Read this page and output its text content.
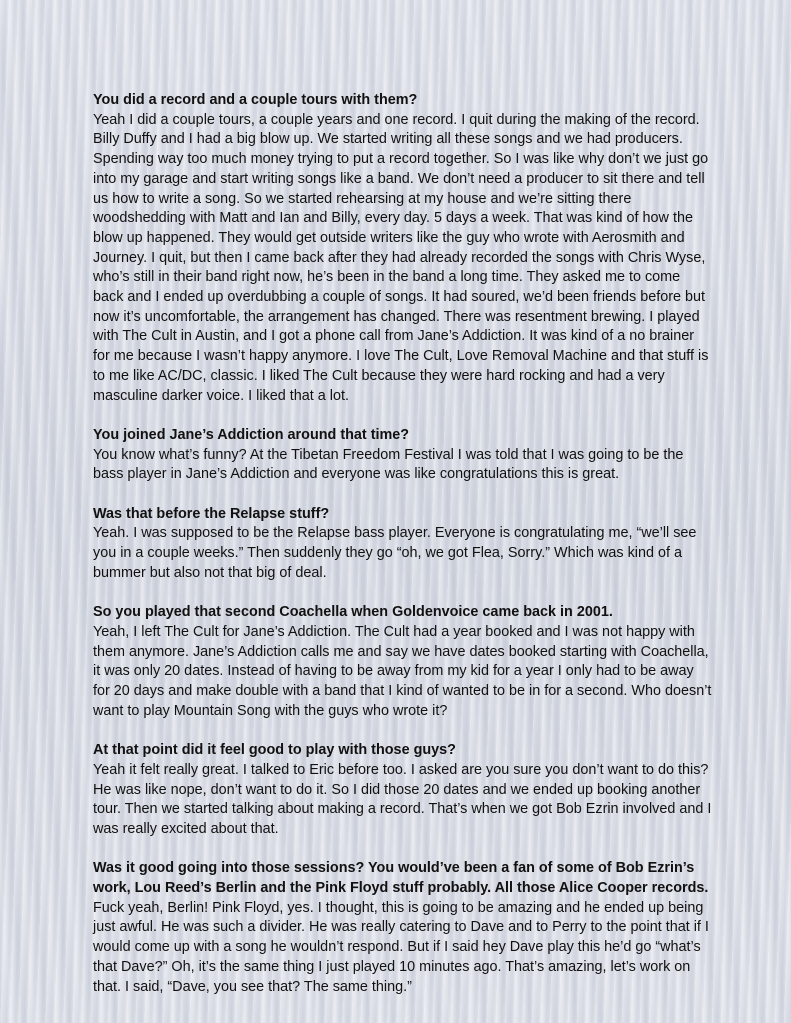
You did a record and a couple tours with them?

Yeah I did a couple tours, a couple years and one record. I quit during the making of the record. Billy Duffy and I had a big blow up. We started writing all these songs and we had producers. Spending way too much money trying to put a record together. So I was like why don’t we just go into my garage and start writing songs like a band. We don’t need a producer to sit there and tell us how to write a song. So we started rehearsing at my house and we’re sitting there woodshedding with Matt and Ian and Billy, every day. 5 days a week. That was kind of how the blow up happened. They would get outside writers like the guy who wrote with Aerosmith and Journey. I quit, but then I came back after they had already recorded the songs with Chris Wyse, who’s still in their band right now, he’s been in the band a long time. They asked me to come back and I ended up overdubbing a couple of songs. It had soured, we’d been friends before but now it’s uncomfortable, the arrangement has changed. There was resentment brewing. I played with The Cult in Austin, and I got a phone call from Jane’s Addiction. It was kind of a no brainer for me because I wasn’t happy anymore. I love The Cult, Love Removal Machine and that stuff is to me like AC/DC, classic. I liked The Cult because they were hard rocking and had a very masculine darker voice. I liked that a lot.

You joined Jane’s Addiction around that time?

You know what’s funny? At the Tibetan Freedom Festival I was told that I was going to be the bass player in Jane’s Addiction and everyone was like congratulations this is great.

Was that before the Relapse stuff?

Yeah. I was supposed to be the Relapse bass player. Everyone is congratulating me, “we’ll see you in a couple weeks.” Then suddenly they go “oh, we got Flea, Sorry.” Which was kind of a bummer but also not that big of deal.

So you played that second Coachella when Goldenvoice came back in 2001.

Yeah, I left The Cult for Jane’s Addiction. The Cult had a year booked and I was not happy with them anymore. Jane’s Addiction calls me and say we have dates booked starting with Coachella, it was only 20 dates. Instead of having to be away from my kid for a year I only had to be away for 20 days and make double with a band that I kind of wanted to be in for a second. Who doesn’t want to play Mountain Song with the guys who wrote it?

At that point did it feel good to play with those guys?

Yeah it felt really great. I talked to Eric before too. I asked are you sure you don’t want to do this? He was like nope, don’t want to do it. So I did those 20 dates and we ended up booking another tour. Then we started talking about making a record. That’s when we got Bob Ezrin involved and I was really excited about that.

Was it good going into those sessions? You would’ve been a fan of some of Bob Ezrin’s work, Lou Reed’s Berlin and the Pink Floyd stuff probably. All those Alice Cooper records.

Fuck yeah, Berlin! Pink Floyd, yes. I thought, this is going to be amazing and he ended up being just awful. He was such a divider. He was really catering to Dave and to Perry to the point that if I would come up with a song he wouldn’t respond. But if I said hey Dave play this he’d go “what’s that Dave?” Oh, it’s the same thing I just played 10 minutes ago. That’s amazing, let’s work on that. I said, “Dave, you see that? The same thing.”
